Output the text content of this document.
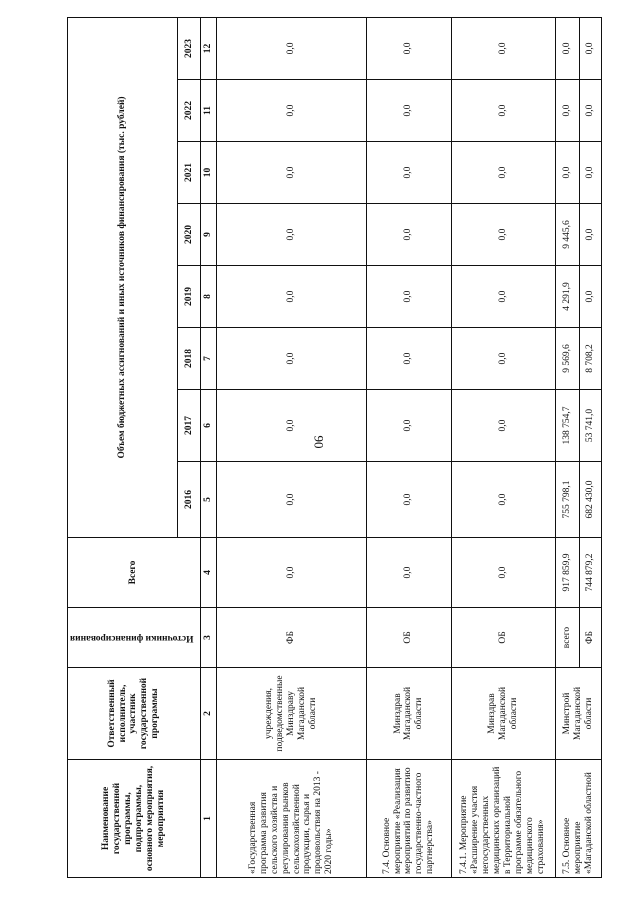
90
Наименование государственной программы, подпрограммы, основного мероприятия, мероприятия	Ответственный исполнитель, участник государственной программы	Источники финансирования	Всего	Объем бюджетных ассигнований и иных источников финансирования (тыс. рублей)							
				2016	2017	2018	2019	2020	2021	2022	2023
1	2	3	4	5	6	7	8	9	10	11	12
«Государственная программа развития сельского хозяйства и регулирования рынков сельскохозяйственной продукции, сырья и продовольствия на 2013 - 2020 годы»	учреждения, подведомственные Минздраву Магаданской области	ФБ	0,0	0,0	0,0	0,0	0,0	0,0	0,0	0,0	0,0
7.4. Основное мероприятие «Реализация мероприятий по развитию государственно-частного партнерства»	Минздрав Магаданской области	ОБ	0,0	0,0	0,0	0,0	0,0	0,0	0,0	0,0	0,0
7.4.1. Мероприятие «Расширение участия негосударственных медицинских организаций в Территориальной программе обязательного медицинского страхования»	Минздрав Магаданской области	ОБ	0,0	0,0	0,0	0,0	0,0	0,0	0,0	0,0	0,0
7.5. Основное мероприятие «Магаданской областной	Минстрой Магаданской области	всего	917 859,9	755 798,1	138 754,7	9 569,6	4 291,9	9 445,6	0,0	0,0	0,0
		ФБ	744 879,2	682 430,0	53 741,0	8 708,2	0,0	0,0	0,0	0,0	0,0
